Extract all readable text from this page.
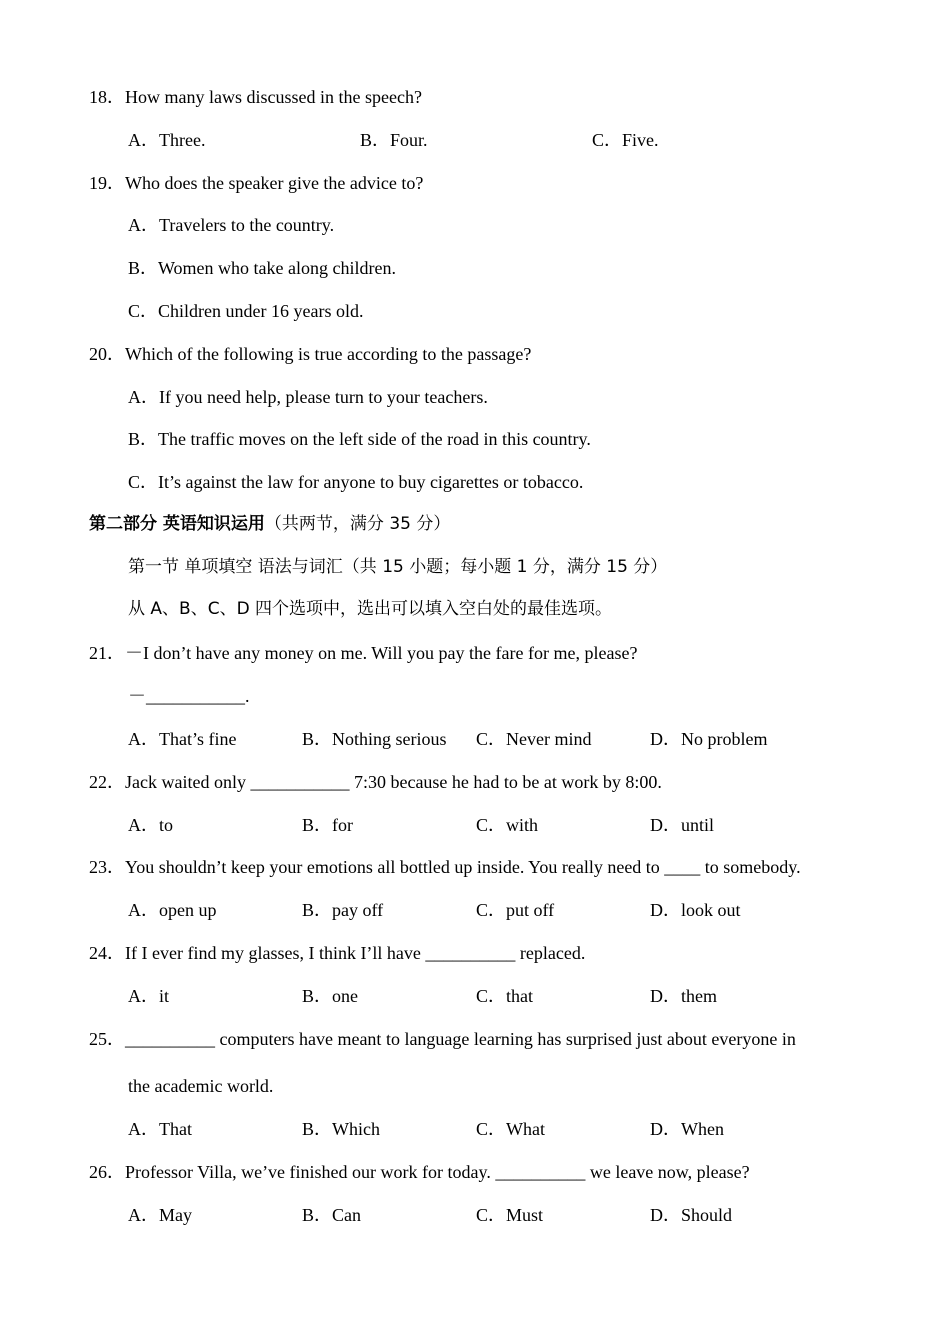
18．How many laws discussed in the speech?
A．Three.	B．Four.	C．Five.
19．Who does the speaker give the advice to?
A．Travelers to the country.
B．Women who take along children.
C．Children under 16 years old.
20．Which of the following is true according to the passage?
A．If you need help, please turn to your teachers.
B．The traffic moves on the left side of the road in this country.
C．It’s against the law for anyone to buy cigarettes or tobacco.
第二部分 英语知识运用（共两节，满分 35 分）
第一节 单项填空 语法与词汇（共 15 小题；每小题 1 分，满分 15 分）
从 A、B、C、D 四个选项中，选出可以填入空白处的最佳选项。
21．－I don’t have any money on me. Will you pay the fare for me, please?
－___________.
A．That’s fine	B．Nothing serious C．Never mind	D．No problem
22．Jack waited only ___________ 7:30 because he had to be at work by 8:00.
A．to	B．for	C．with	D．until
23．You shouldn’t keep your emotions all bottled up inside. You really need to ____ to somebody.
A．open up	B．pay off	C．put off	D．look out
24．If I ever find my glasses, I think I’ll have __________ replaced.
A．it	B．one	C．that	D．them
25．__________ computers have meant to language learning has surprised just about everyone in
the academic world.
A．That	B．Which	C．What	D．When
26．Professor Villa, we’ve finished our work for today. __________ we leave now, please?
A．May	B．Can	C．Must	D．Should
